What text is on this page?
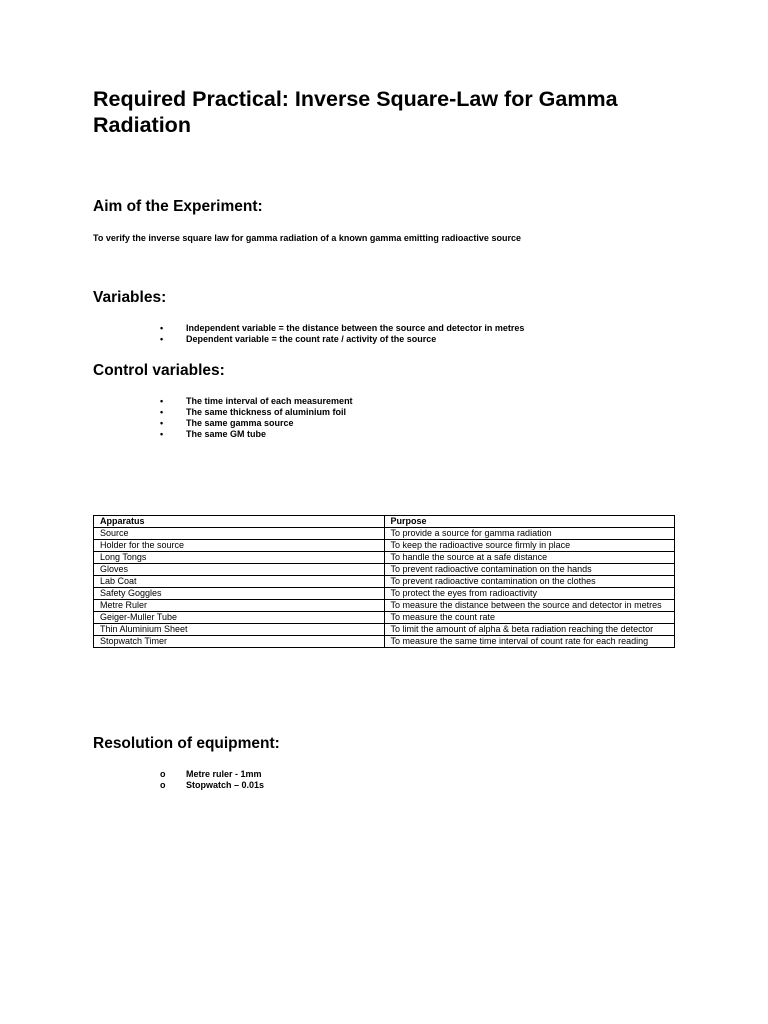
Required Practical: Inverse Square-Law for Gamma Radiation
Aim of the Experiment:

To verify the inverse square law for gamma radiation of a known gamma emitting radioactive source

Variables:
•	Independent variable = the distance between the source and detector in metres
•	Dependent variable = the count rate / activity of the source
Control variables:
•	The time interval of each measurement
•	The same thickness of aluminium foil
•	The same gamma source
•	The same GM tube
Apparatus	Purpose
Source	To provide a source for gamma radiation
Holder for the source	To keep the radioactive source firmly in place
Long Tongs	To handle the source at a safe distance
Gloves	To prevent radioactive contamination on the hands
Lab Coat	To prevent radioactive contamination on the clothes
Safety Goggles	To protect the eyes from radioactivity
Metre Ruler	To measure the distance between the source and detector in metres
Geiger-Muller Tube	To measure the count rate
Thin Aluminium Sheet	To limit the amount of alpha & beta radiation reaching the detector
Stopwatch Timer	To measure the same time interval of count rate for each reading
Resolution of equipment:
o Metre ruler - 1mm
o Stopwatch – 0.01s
